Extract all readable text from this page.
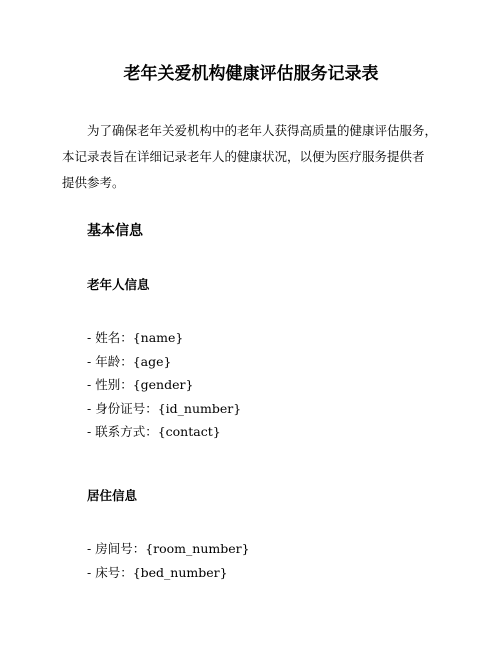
老年关爱机构健康评估服务记录表

为了确保老年关爱机构中的老年人获得高质量的健康评估服务，
本记录表旨在详细记录老年人的健康状况，以便为医疗服务提供者
提供参考。

基本信息
老年人信息
- 姓名：{name}
- 年龄：{age}
- 性别：{gender}
- 身份证号：{id_number}
- 联系方式：{contact}
居住信息
- 房间号：{room_number}
- 床号：{bed_number}
